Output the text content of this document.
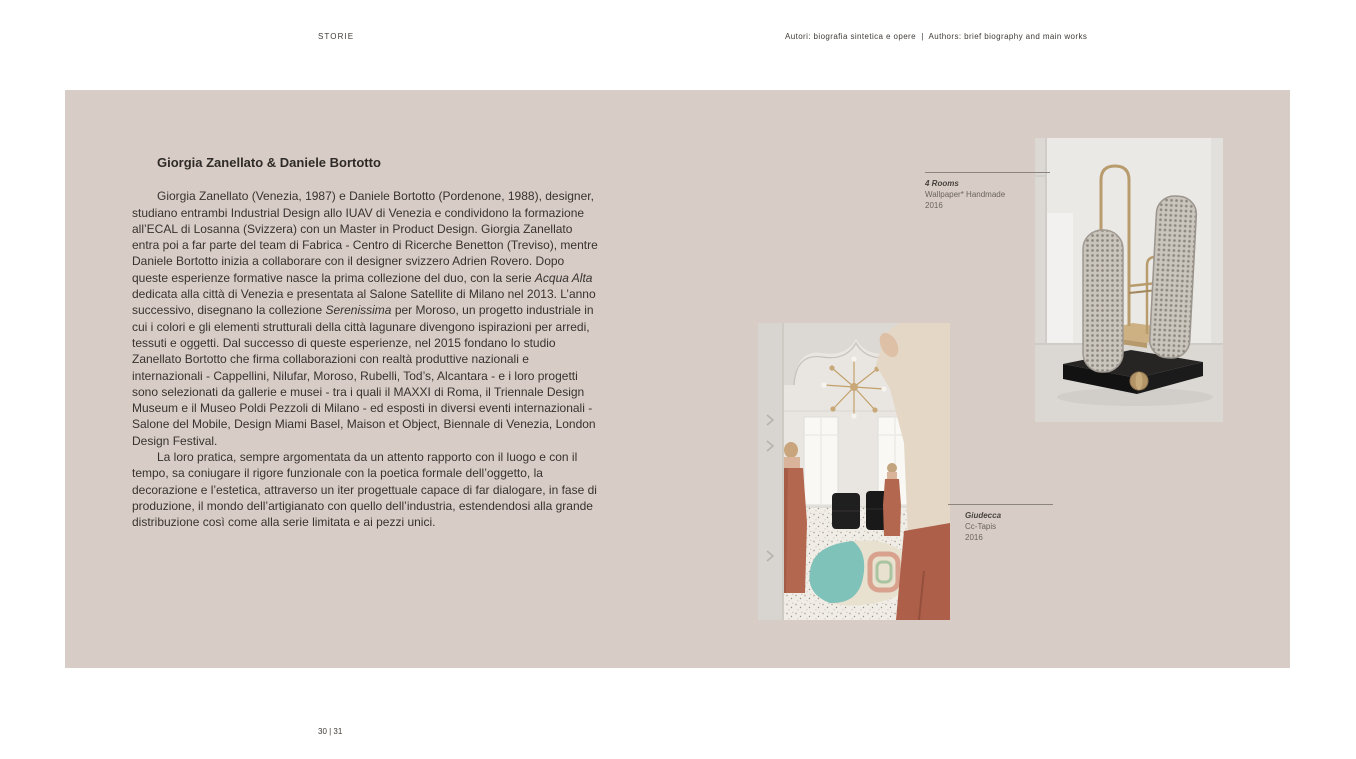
STORIE	Autori: biografia sintetica e opere  |  Authors: brief biography and main works
Giorgia Zanellato & Daniele Bortotto

Giorgia Zanellato (Venezia, 1987) e Daniele Bortotto (Pordenone, 1988), designer, studiano entrambi Industrial Design allo IUAV di Venezia e condividono la formazione all’ECAL di Losanna (Svizzera) con un Master in Product Design. Giorgia Zanellato entra poi a far parte del team di Fabrica - Centro di Ricerche Benetton (Treviso), mentre Daniele Bortotto inizia a collaborare con il designer svizzero Adrien Rovero. Dopo queste esperienze formative nasce la prima collezione del duo, con la serie Acqua Alta dedicata alla città di Venezia e presentata al Salone Satellite di Milano nel 2013. L’anno successivo, disegnano la collezione Serenissima per Moroso, un progetto industriale in cui i colori e gli elementi strutturali della città lagunare divengono ispirazioni per arredi, tessuti e oggetti. Dal successo di queste esperienze, nel 2015 fondano lo studio Zanellato Bortotto che firma collaborazioni con realtà produttive nazionali e internazionali - Cappellini, Nilufar, Moroso, Rubelli, Tod’s, Alcantara - e i loro progetti sono selezionati da gallerie e musei - tra i quali il MAXXI di Roma, il Triennale Design Museum e il Museo Poldi Pezzoli di Milano - ed esposti in diversi eventi internazionali - Salone del Mobile, Design Miami Basel, Maison et Object, Biennale di Venezia, London Design Festival.

La loro pratica, sempre argomentata da un attento rapporto con il luogo e con il tempo, sa coniugare il rigore funzionale con la poetica formale dell’oggetto, la decorazione e l’estetica, attraverso un iter progettuale capace di far dialogare, in fase di produzione, il mondo dell’artigianato con quello dell’industria, estendendosi alla grande distribuzione così come alla serie limitata e ai pezzi unici.

4 Rooms
Wallpaper* Handmade
2016
Giudecca
Cc-Tapis
2016
30 | 31
